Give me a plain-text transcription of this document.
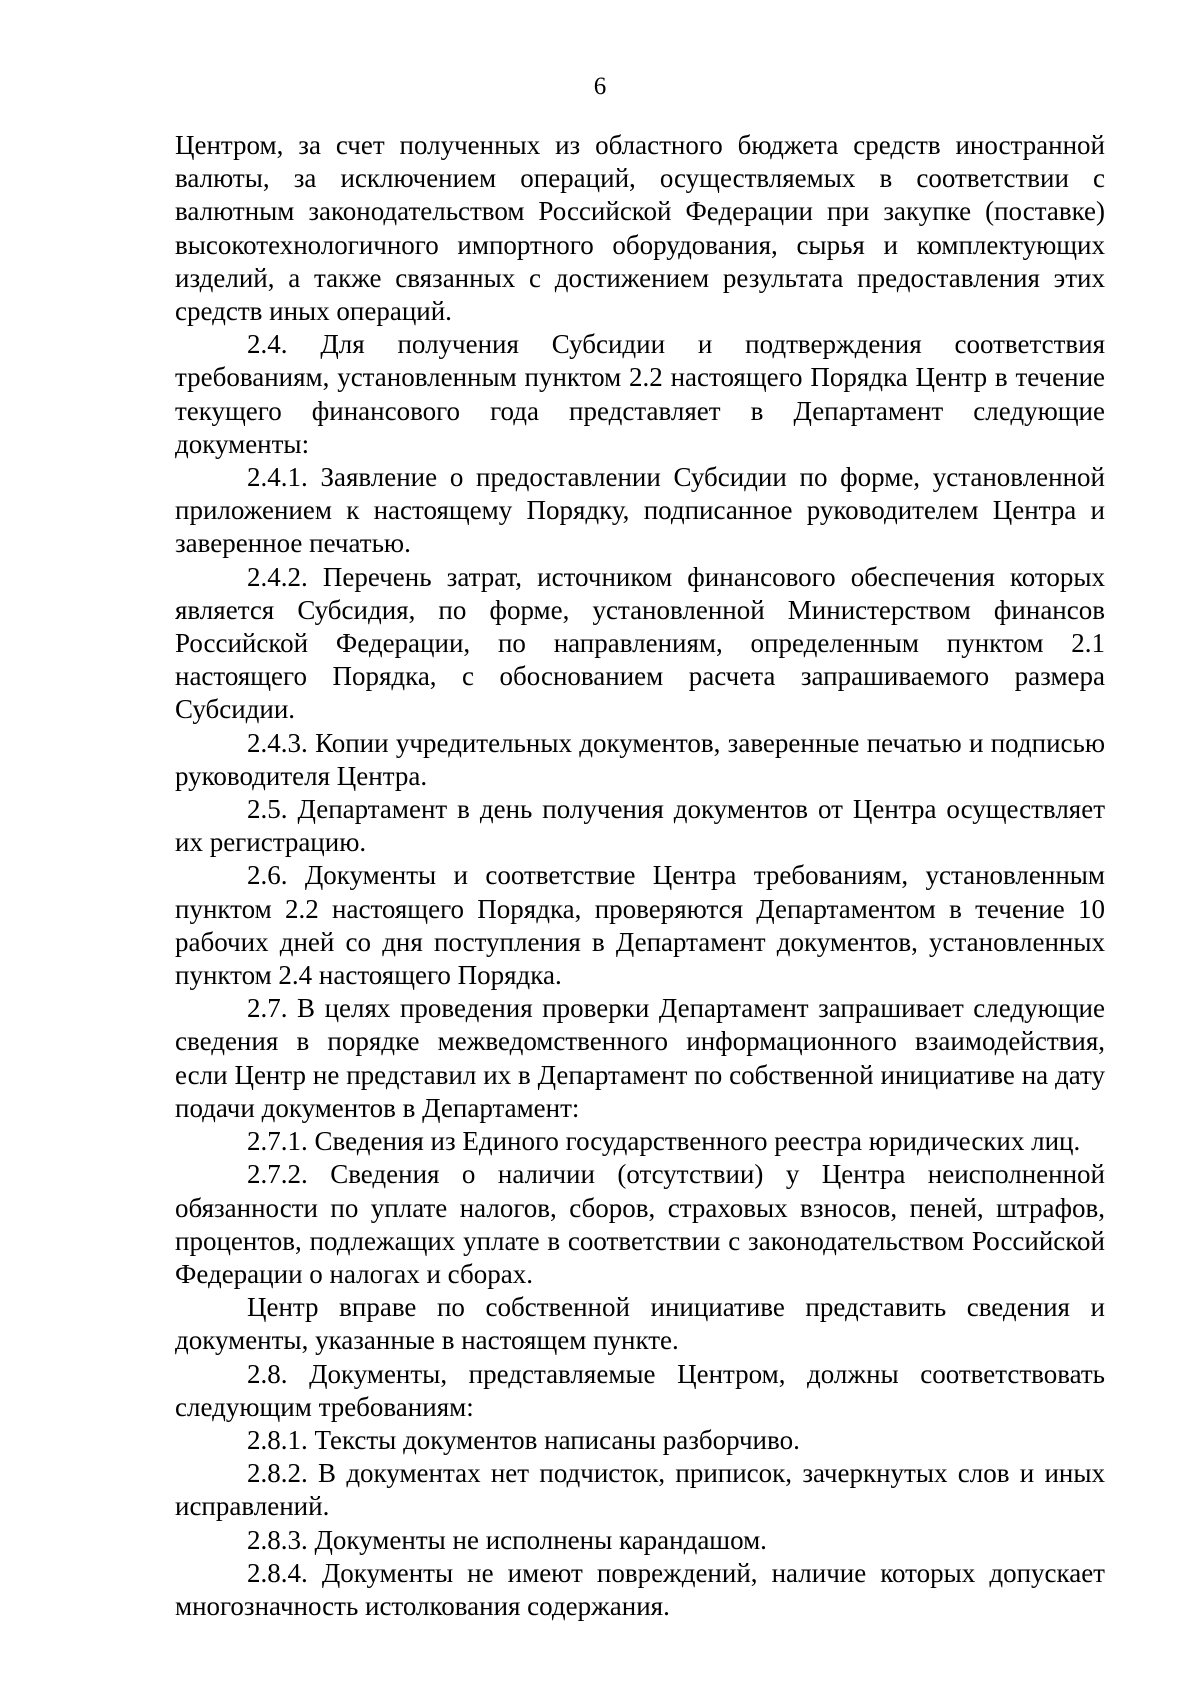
6

Центром, за счет полученных из областного бюджета средств иностранной валюты, за исключением операций, осуществляемых в соответствии с валютным законодательством Российской Федерации при закупке (поставке) высокотехнологичного импортного оборудования, сырья и комплектующих изделий, а также связанных с достижением результата предоставления этих средств иных операций.

2.4. Для получения Субсидии и подтверждения соответствия требованиям, установленным пунктом 2.2 настоящего Порядка Центр в течение текущего финансового года представляет в Департамент следующие документы:

2.4.1. Заявление о предоставлении Субсидии по форме, установленной приложением к настоящему Порядку, подписанное руководителем Центра и заверенное печатью.

2.4.2. Перечень затрат, источником финансового обеспечения которых является Субсидия, по форме, установленной Министерством финансов Российской Федерации, по направлениям, определенным пунктом 2.1 настоящего Порядка, с обоснованием расчета запрашиваемого размера Субсидии.

2.4.3. Копии учредительных документов, заверенные печатью и подписью руководителя Центра.

2.5. Департамент в день получения документов от Центра осуществляет их регистрацию.

2.6. Документы и соответствие Центра требованиям, установленным пунктом 2.2 настоящего Порядка, проверяются Департаментом в течение 10 рабочих дней со дня поступления в Департамент документов, установленных пунктом 2.4 настоящего Порядка.

2.7. В целях проведения проверки Департамент запрашивает следующие сведения в порядке межведомственного информационного взаимодействия, если Центр не представил их в Департамент по собственной инициативе на дату подачи документов в Департамент:

2.7.1. Сведения из Единого государственного реестра юридических лиц.

2.7.2. Сведения о наличии (отсутствии) у Центра неисполненной обязанности по уплате налогов, сборов, страховых взносов, пеней, штрафов, процентов, подлежащих уплате в соответствии с законодательством Российской Федерации о налогах и сборах.

Центр вправе по собственной инициативе представить сведения и документы, указанные в настоящем пункте.

2.8. Документы, представляемые Центром, должны соответствовать следующим требованиям:

2.8.1. Тексты документов написаны разборчиво.

2.8.2. В документах нет подчисток, приписок, зачеркнутых слов и иных исправлений.

2.8.3. Документы не исполнены карандашом.

2.8.4. Документы не имеют повреждений, наличие которых допускает многозначность истолкования содержания.
